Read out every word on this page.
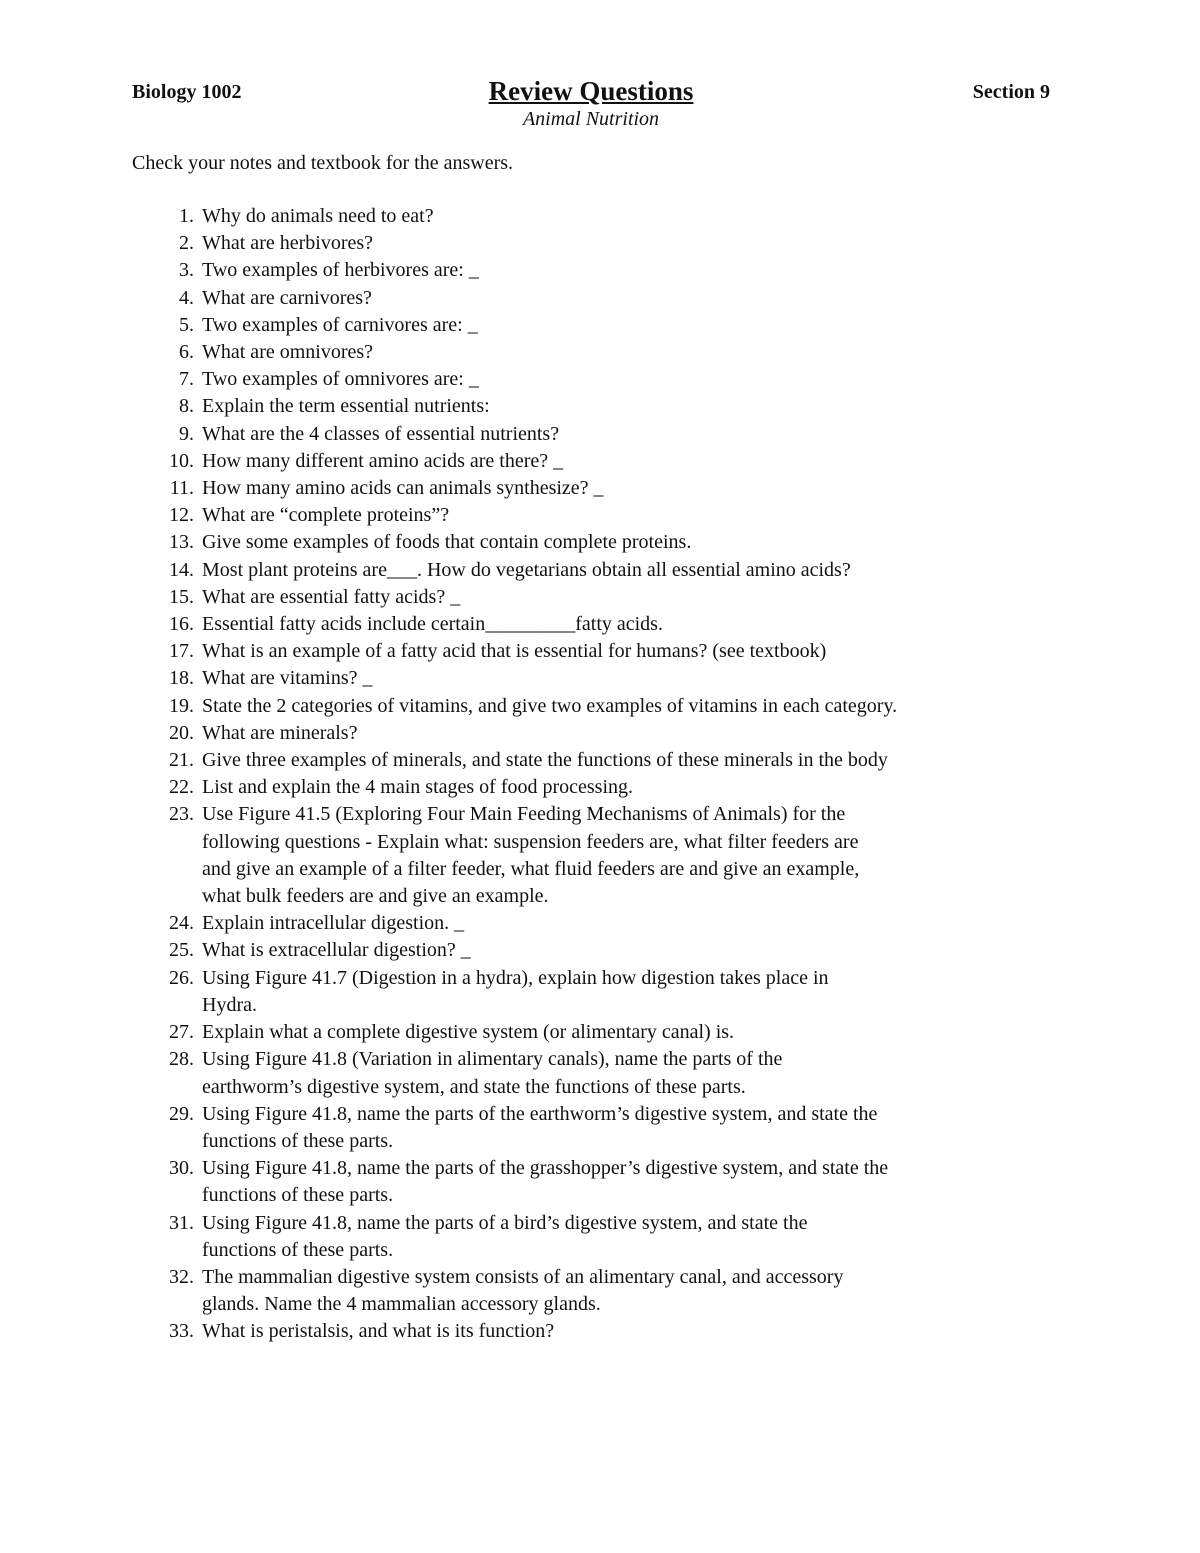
Biology 1002	Review Questions	Section 9
Animal Nutrition
Check your notes and textbook for the answers.
1. Why do animals need to eat?
2. What are herbivores?
3. Two examples of herbivores are: _
4. What are carnivores?
5. Two examples of carnivores are: _
6. What are omnivores?
7. Two examples of omnivores are: _
8. Explain the term essential nutrients:
9. What are the 4 classes of essential nutrients?
10. How many different amino acids are there? _
11. How many amino acids can animals synthesize? _
12. What are “complete proteins”?
13. Give some examples of foods that contain complete proteins.
14. Most plant proteins are___. How do vegetarians obtain all essential amino acids?
15. What are essential fatty acids? _
16. Essential fatty acids include certain_________fatty acids.
17. What is an example of a fatty acid that is essential for humans? (see textbook)
18. What are vitamins? _
19. State the 2 categories of vitamins, and give two examples of vitamins in each category.
20. What are minerals?
21. Give three examples of minerals, and state the functions of these minerals in the body
22. List and explain the 4 main stages of food processing.
23. Use Figure 41.5 (Exploring Four Main Feeding Mechanisms of Animals) for the
following questions - Explain what: suspension feeders are, what filter feeders are
and give an example of a filter feeder, what fluid feeders are and give an example,
what bulk feeders are and give an example.
24. Explain intracellular digestion. _
25. What is extracellular digestion? _
26. Using Figure 41.7 (Digestion in a hydra), explain how digestion takes place in
Hydra.
27. Explain what a complete digestive system (or alimentary canal) is.
28. Using Figure 41.8 (Variation in alimentary canals), name the parts of the
earthworm’s digestive system, and state the functions of these parts.
29. Using Figure 41.8, name the parts of the earthworm’s digestive system, and state the
functions of these parts.
30. Using Figure 41.8, name the parts of the grasshopper’s digestive system, and state the
functions of these parts.
31. Using Figure 41.8, name the parts of a bird’s digestive system, and state the
functions of these parts.
32. The mammalian digestive system consists of an alimentary canal, and accessory
glands. Name the 4 mammalian accessory glands.
33. What is peristalsis, and what is its function?
